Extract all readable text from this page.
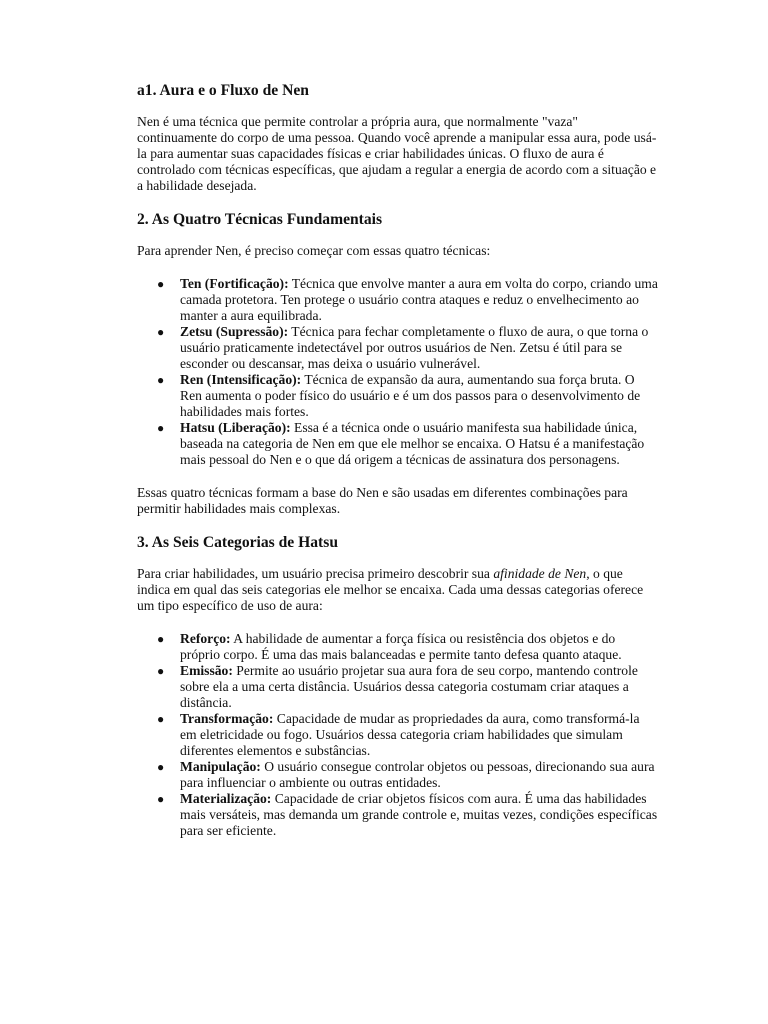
a1. Aura e o Fluxo de Nen

Nen é uma técnica que permite controlar a própria aura, que normalmente "vaza" continuamente do corpo de uma pessoa. Quando você aprende a manipular essa aura, pode usá-la para aumentar suas capacidades físicas e criar habilidades únicas. O fluxo de aura é controlado com técnicas específicas, que ajudam a regular a energia de acordo com a situação e a habilidade desejada.

2. As Quatro Técnicas Fundamentais

Para aprender Nen, é preciso começar com essas quatro técnicas:

● Ten (Fortificação): Técnica que envolve manter a aura em volta do corpo, criando uma camada protetora. Ten protege o usuário contra ataques e reduz o envelhecimento ao manter a aura equilibrada.
● Zetsu (Supressão): Técnica para fechar completamente o fluxo de aura, o que torna o usuário praticamente indetectável por outros usuários de Nen. Zetsu é útil para se esconder ou descansar, mas deixa o usuário vulnerável.
● Ren (Intensificação): Técnica de expansão da aura, aumentando sua força bruta. O Ren aumenta o poder físico do usuário e é um dos passos para o desenvolvimento de habilidades mais fortes.
● Hatsu (Liberação): Essa é a técnica onde o usuário manifesta sua habilidade única, baseada na categoria de Nen em que ele melhor se encaixa. O Hatsu é a manifestação mais pessoal do Nen e o que dá origem a técnicas de assinatura dos personagens.

Essas quatro técnicas formam a base do Nen e são usadas em diferentes combinações para permitir habilidades mais complexas.

3. As Seis Categorias de Hatsu

Para criar habilidades, um usuário precisa primeiro descobrir sua afinidade de Nen, o que indica em qual das seis categorias ele melhor se encaixa. Cada uma dessas categorias oferece um tipo específico de uso de aura:

● Reforço: A habilidade de aumentar a força física ou resistência dos objetos e do próprio corpo. É uma das mais balanceadas e permite tanto defesa quanto ataque.
● Emissão: Permite ao usuário projetar sua aura fora de seu corpo, mantendo controle sobre ela a uma certa distância. Usuários dessa categoria costumam criar ataques a distância.
● Transformação: Capacidade de mudar as propriedades da aura, como transformá-la em eletricidade ou fogo. Usuários dessa categoria criam habilidades que simulam diferentes elementos e substâncias.
● Manipulação: O usuário consegue controlar objetos ou pessoas, direcionando sua aura para influenciar o ambiente ou outras entidades.
● Materialização: Capacidade de criar objetos físicos com aura. É uma das habilidades mais versáteis, mas demanda um grande controle e, muitas vezes, condições específicas para ser eficiente.
